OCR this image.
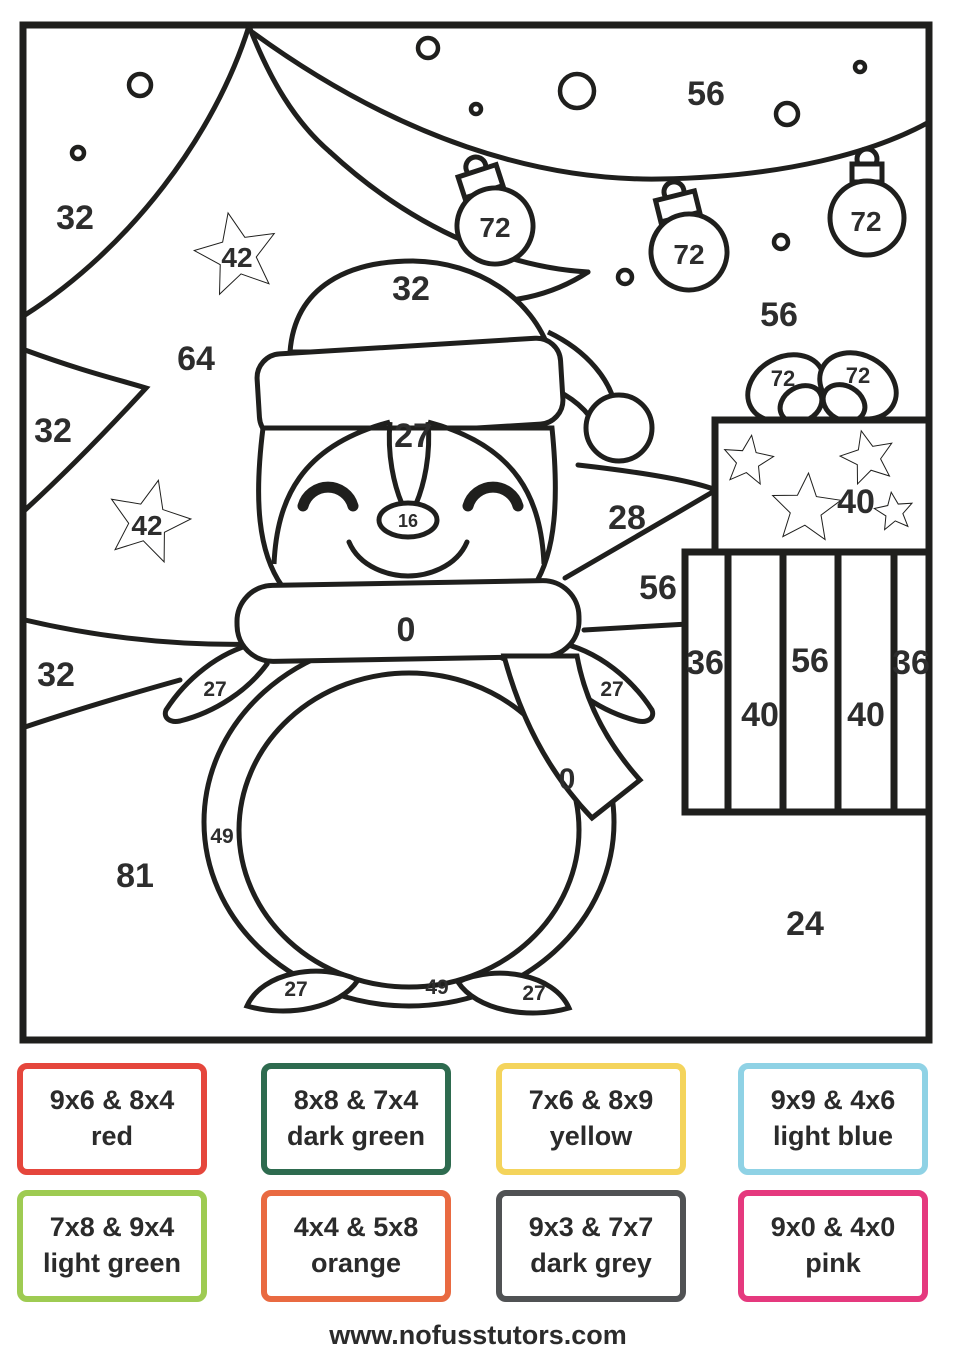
56
32
42
32
72
72
72
56
64
32	27
72 72
42	16	28	40
56
0
32	36 56 36
27	27
40 40
0
49
81
24
27	49	27
9x6 & 8x4
red
8x8 & 7x4
dark green
7x6 & 8x9
yellow
9x9 & 4x6
light blue
7x8 & 9x4
light green
4x4 & 5x8
orange
9x3 & 7x7
dark grey
9x0 & 4x0
pink
www.nofusstutors.com
